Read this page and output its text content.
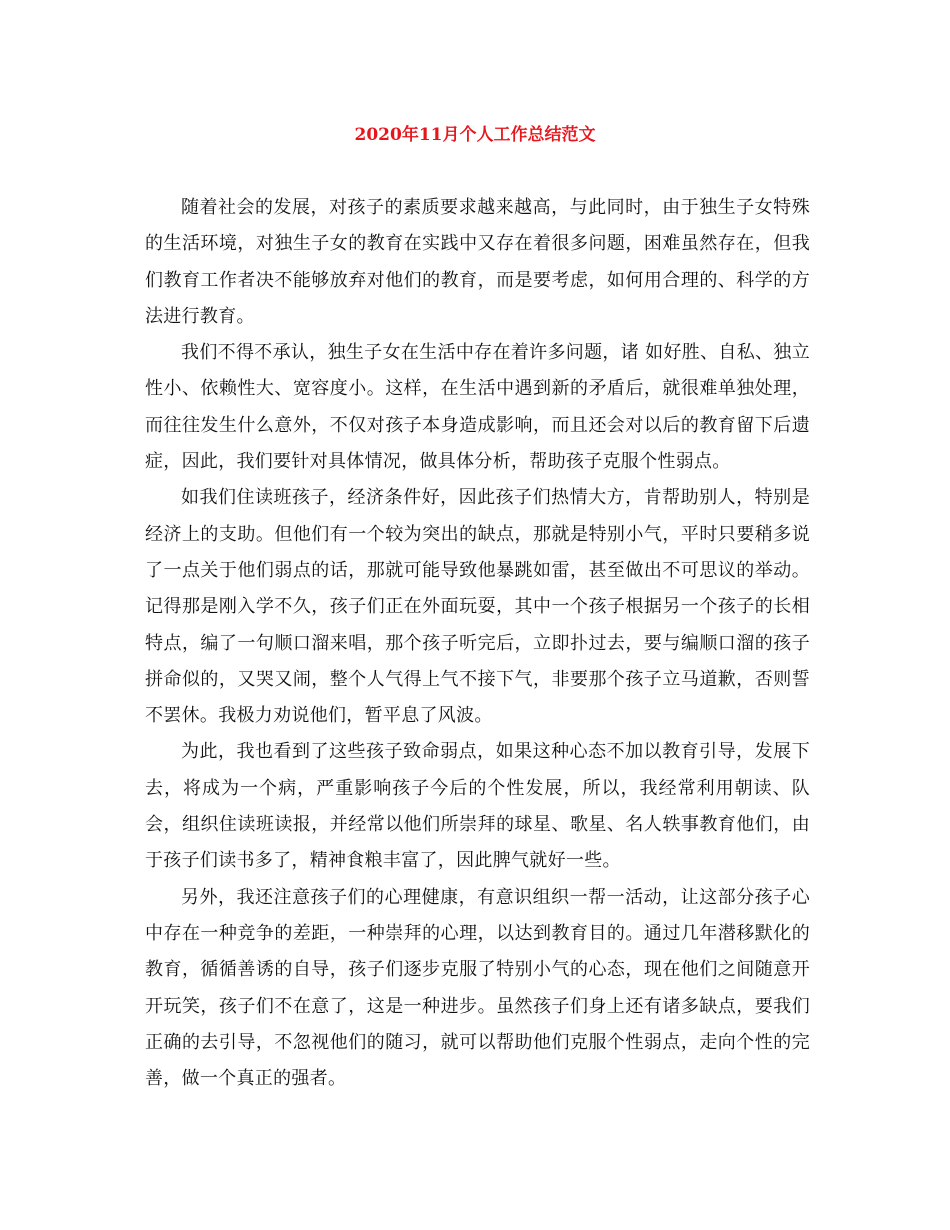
2020年11月个人工作总结范文

随着社会的发展，对孩子的素质要求越来越高，与此同时，由于独生子女特殊的生活环境，对独生子女的教育在实践中又存在着很多问题，困难虽然存在，但我们教育工作者决不能够放弃对他们的教育，而是要考虑，如何用合理的、科学的方法进行教育。

我们不得不承认，独生子女在生活中存在着许多问题，诸 如好胜、自私、独立性小、依赖性大、宽容度小。这样，在生活中遇到新的矛盾后，就很难单独处理，而往往发生什么意外，不仅对孩子本身造成影响，而且还会对以后的教育留下后遗症，因此，我们要针对具体情况，做具体分析，帮助孩子克服个性弱点。

如我们住读班孩子，经济条件好，因此孩子们热情大方，肯帮助别人，特别是经济上的支助。但他们有一个较为突出的缺点，那就是特别小气，平时只要稍多说了一点关于他们弱点的话，那就可能导致他暴跳如雷，甚至做出不可思议的举动。记得那是刚入学不久，孩子们正在外面玩耍，其中一个孩子根据另一个孩子的长相特点，编了一句顺口溜来唱，那个孩子听完后，立即扑过去，要与编顺口溜的孩子拼命似的，又哭又闹，整个人气得上气不接下气，非要那个孩子立马道歉，否则誓不罢休。我极力劝说他们，暂平息了风波。

为此，我也看到了这些孩子致命弱点，如果这种心态不加以教育引导，发展下去，将成为一个病，严重影响孩子今后的个性发展，所以，我经常利用朝读、队会，组织住读班读报，并经常以他们所崇拜的球星、歌星、名人轶事教育他们，由于孩子们读书多了，精神食粮丰富了，因此脾气就好一些。

另外，我还注意孩子们的心理健康，有意识组织一帮一活动，让这部分孩子心中存在一种竞争的差距，一种崇拜的心理，以达到教育目的。通过几年潜移默化的教育，循循善诱的自导，孩子们逐步克服了特别小气的心态，现在他们之间随意开开玩笑，孩子们不在意了，这是一种进步。虽然孩子们身上还有诸多缺点，要我们正确的去引导，不忽视他们的随习，就可以帮助他们克服个性弱点，走向个性的完善，做一个真正的强者。
